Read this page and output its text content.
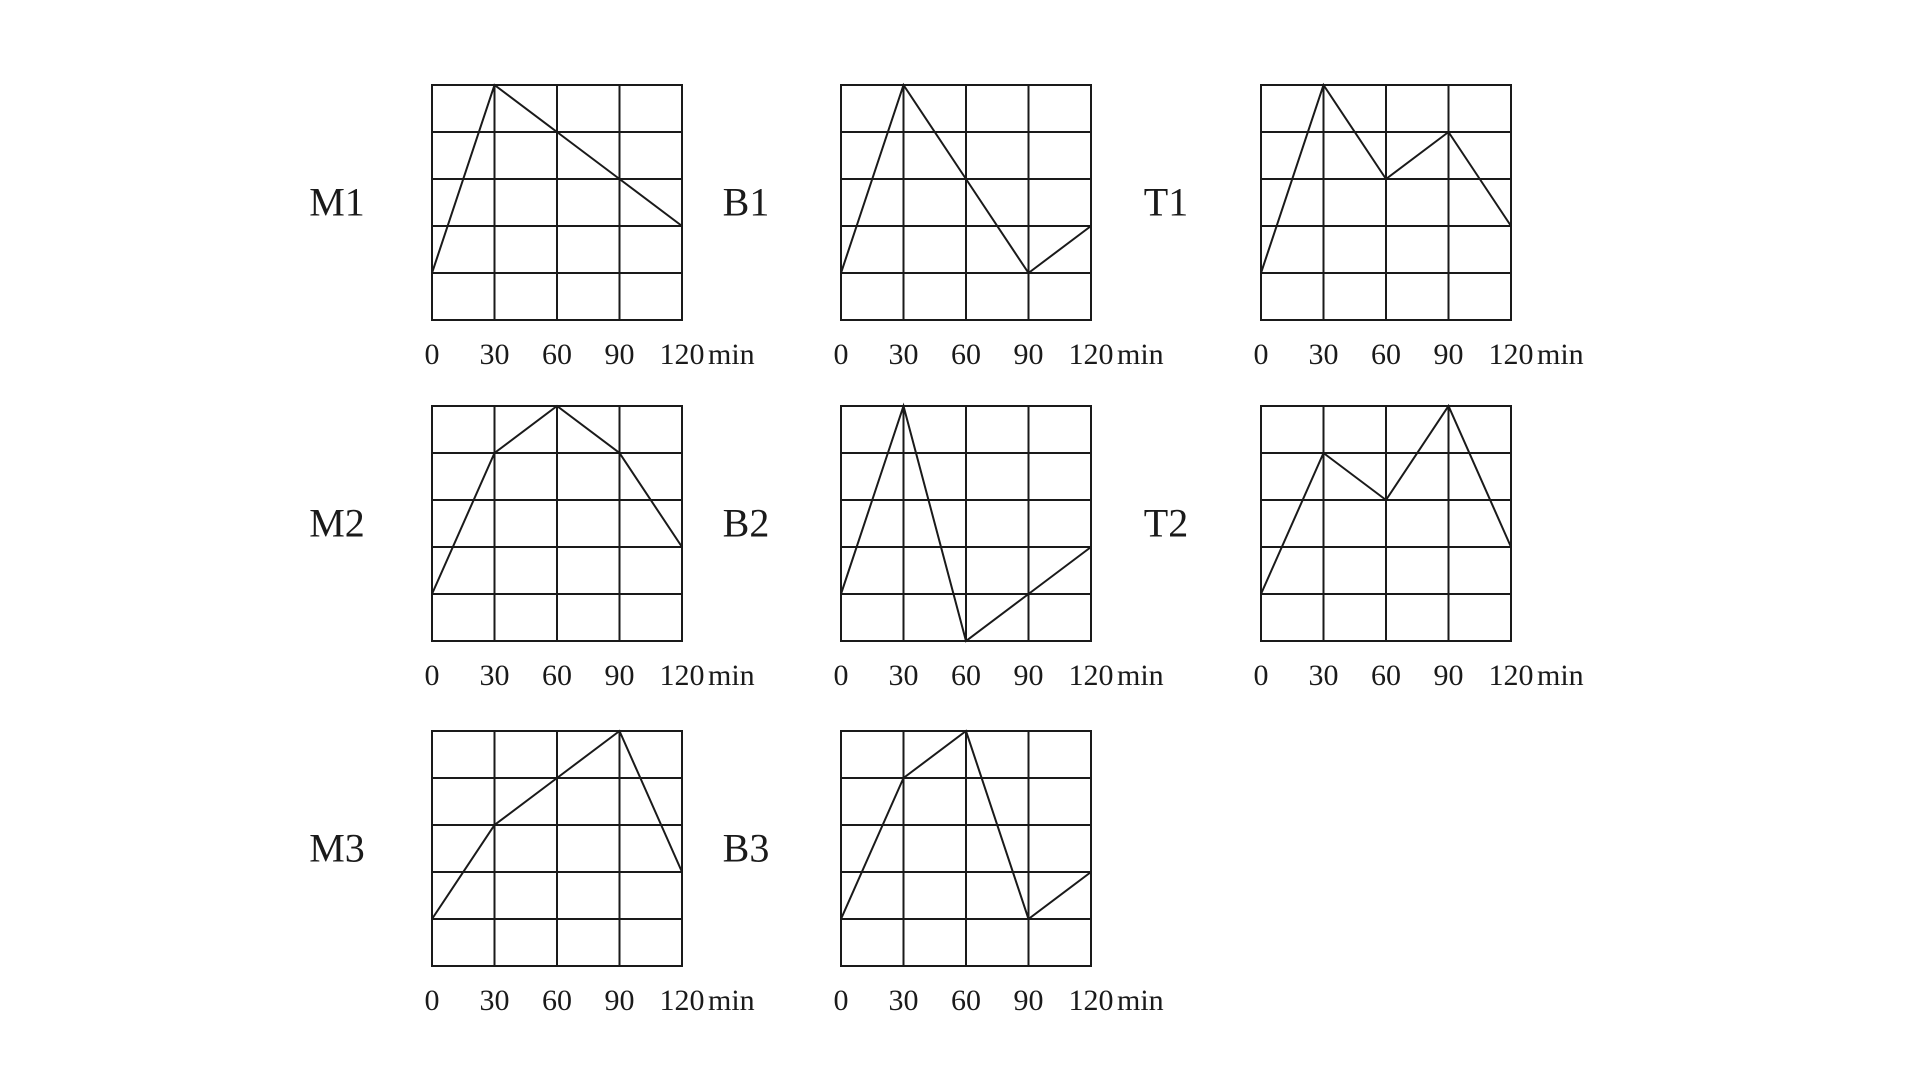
M1
0 30 60 90 120 min
B1
0 30 60 90 120 min
T1
0 30 60 90 120 min
M2
0 30 60 90 120 min
B2
0 30 60 90 120 min
T2
0 30 60 90 120 min
M3
0 30 60 90 120 min
B3
0 30 60 90 120 min
